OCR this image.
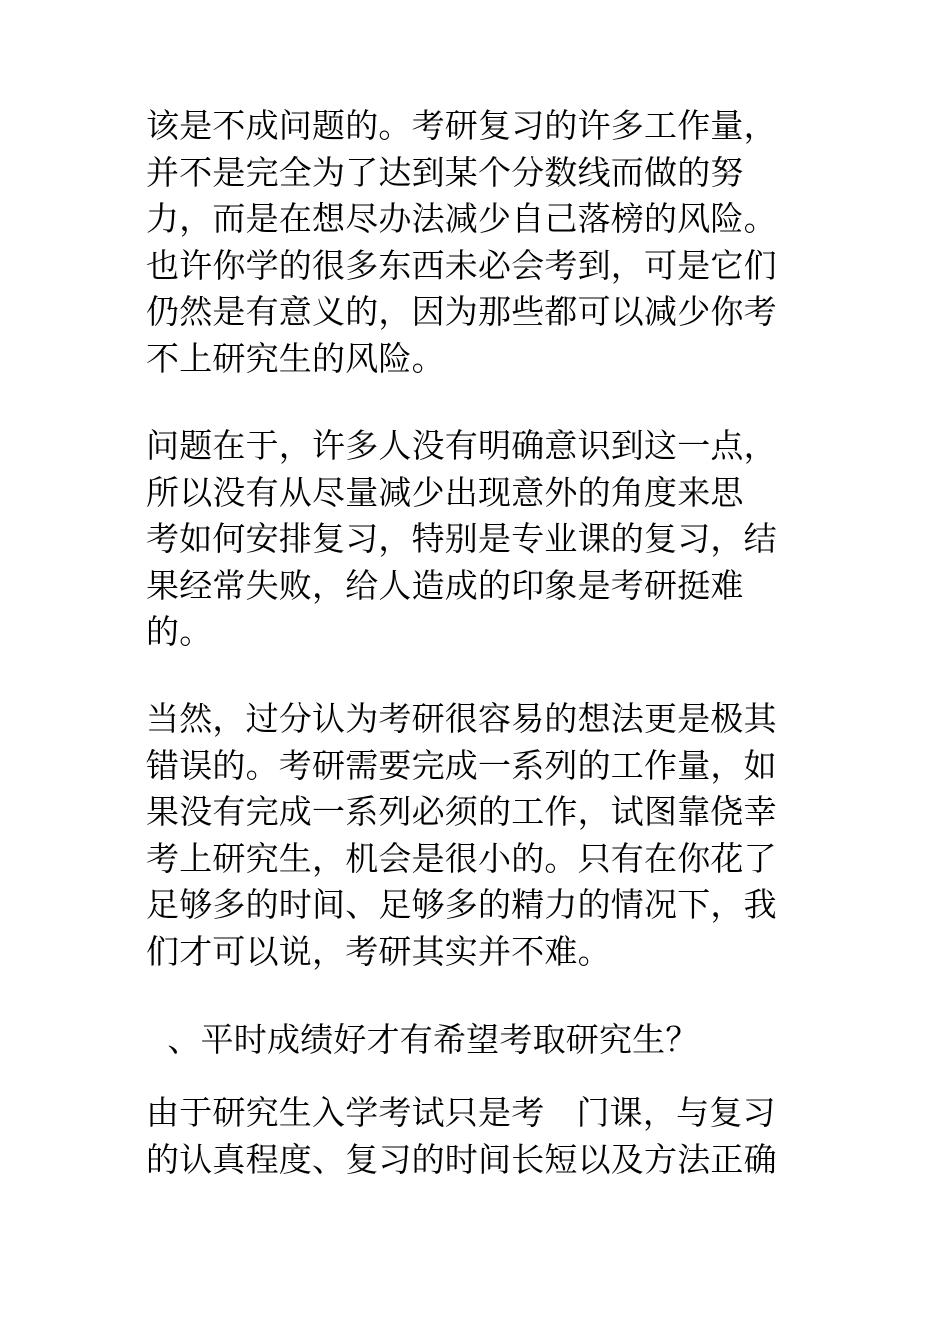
该是不成问题的。考研复习的许多工作量，
并不是完全为了达到某个分数线而做的努
力，而是在想尽办法减少自己落榜的风险。
也许你学的很多东西未必会考到，可是它们
仍然是有意义的，因为那些都可以减少你考
不上研究生的风险。
问题在于，许多人没有明确意识到这一点，
所以没有从尽量减少出现意外的角度来思
考如何安排复习，特别是专业课的复习，结
果经常失败，给人造成的印象是考研挺难
的。
当然，过分认为考研很容易的想法更是极其
错误的。考研需要完成一系列的工作量，如
果没有完成一系列必须的工作，试图靠侥幸
考上研究生，机会是很小的。只有在你花了
足够多的时间、足够多的精力的情况下，我
们才可以说，考研其实并不难。
、平时成绩好才有希望考取研究生？
由于研究生入学考试只是考   门课，与复习
的认真程度、复习的时间长短以及方法正确
